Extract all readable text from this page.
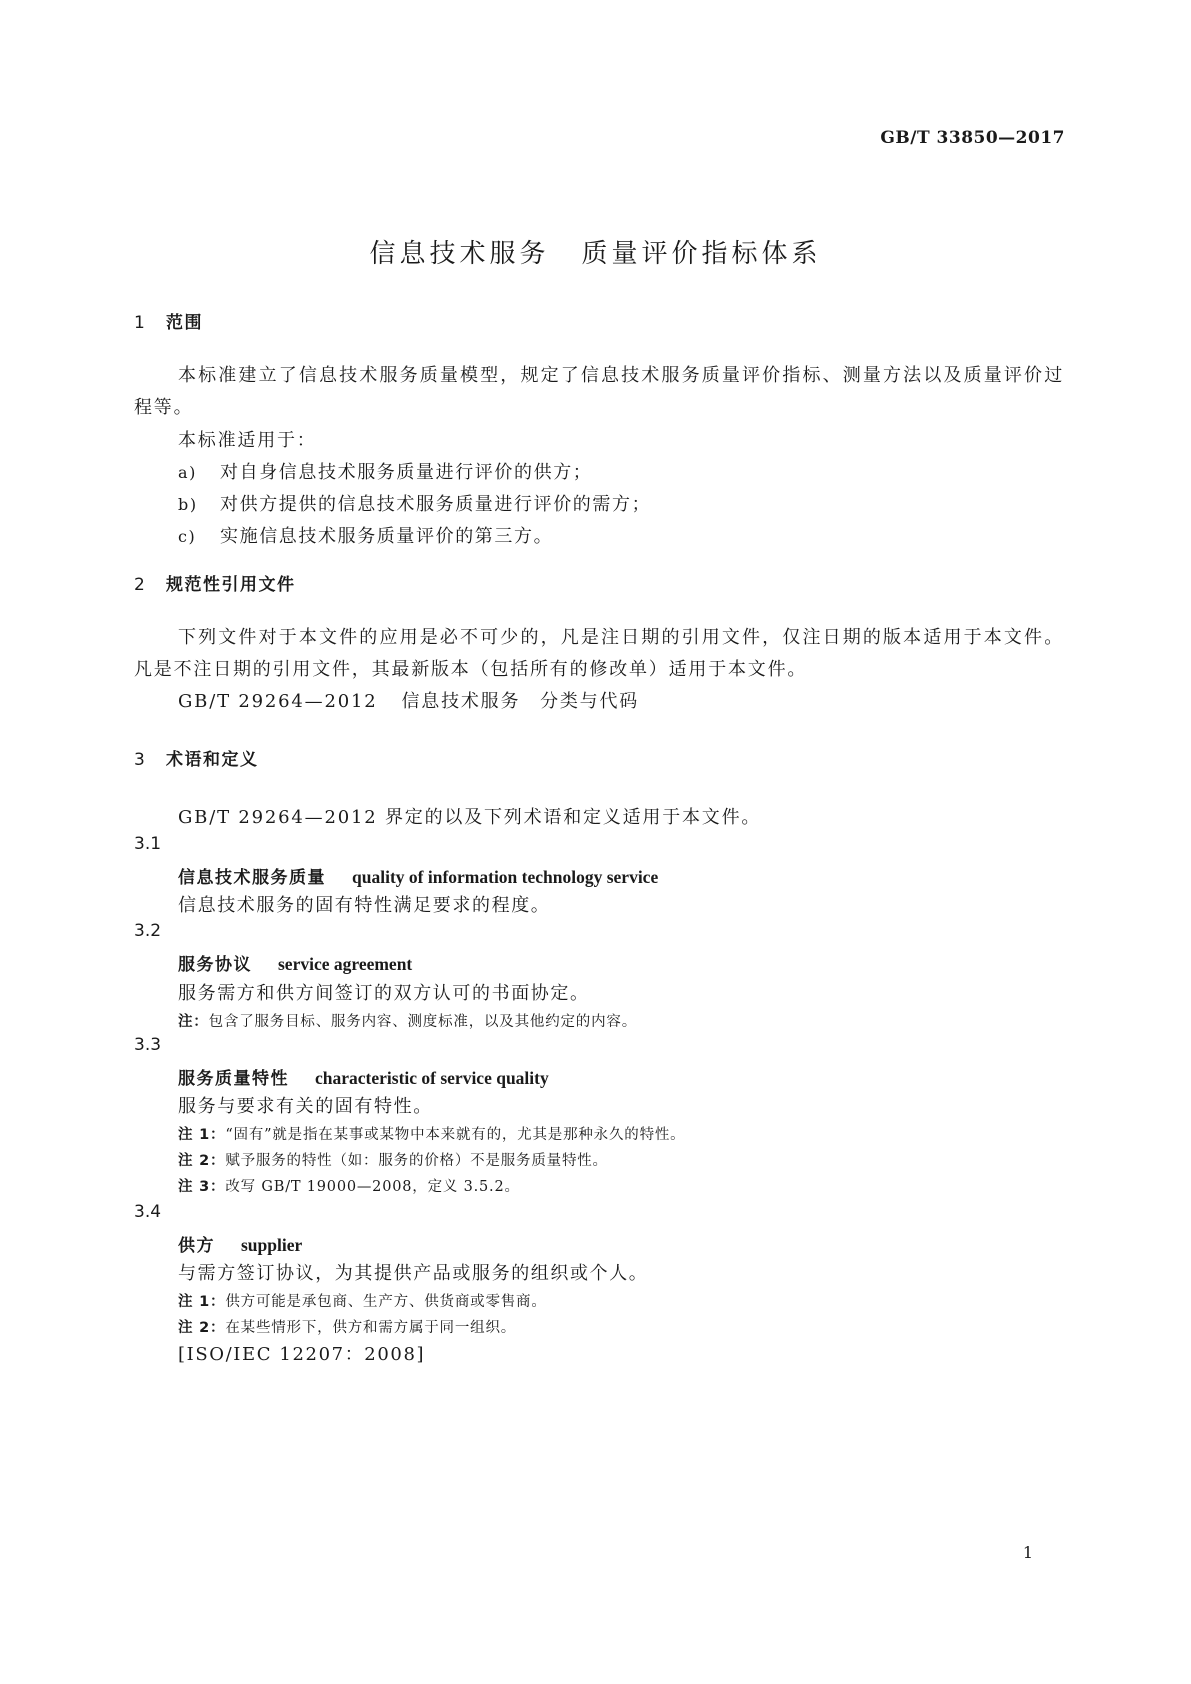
GB/T 33850—2017
信息技术服务 质量评价指标体系
1 范围
本标准建立了信息技术服务质量模型，规定了信息技术服务质量评价指标、测量方法以及质量评价过程等。
本标准适用于：
a) 对自身信息技术服务质量进行评价的供方；
b) 对供方提供的信息技术服务质量进行评价的需方；
c) 实施信息技术服务质量评价的第三方。
2 规范性引用文件
下列文件对于本文件的应用是必不可少的，凡是注日期的引用文件，仅注日期的版本适用于本文件。凡是不注日期的引用文件，其最新版本（包括所有的修改单）适用于本文件。
GB/T 29264—2012 信息技术服务　分类与代码
3 术语和定义
GB/T 29264—2012 界定的以及下列术语和定义适用于本文件。
3.1
信息技术服务质量 quality of information technology service
信息技术服务的固有特性满足要求的程度。
3.2
服务协议 service agreement
服务需方和供方间签订的双方认可的书面协定。
注：包含了服务目标、服务内容、测度标准，以及其他约定的内容。
3.3
服务质量特性 characteristic of service quality
服务与要求有关的固有特性。
注 1：“固有”就是指在某事或某物中本来就有的，尤其是那种永久的特性。
注 2：赋予服务的特性（如：服务的价格）不是服务质量特性。
注 3：改写 GB/T 19000—2008，定义 3.5.2。
3.4
供方 supplier
与需方签订协议，为其提供产品或服务的组织或个人。
注 1：供方可能是承包商、生产方、供货商或零售商。
注 2：在某些情形下，供方和需方属于同一组织。
[ISO/IEC 12207：2008]
1
